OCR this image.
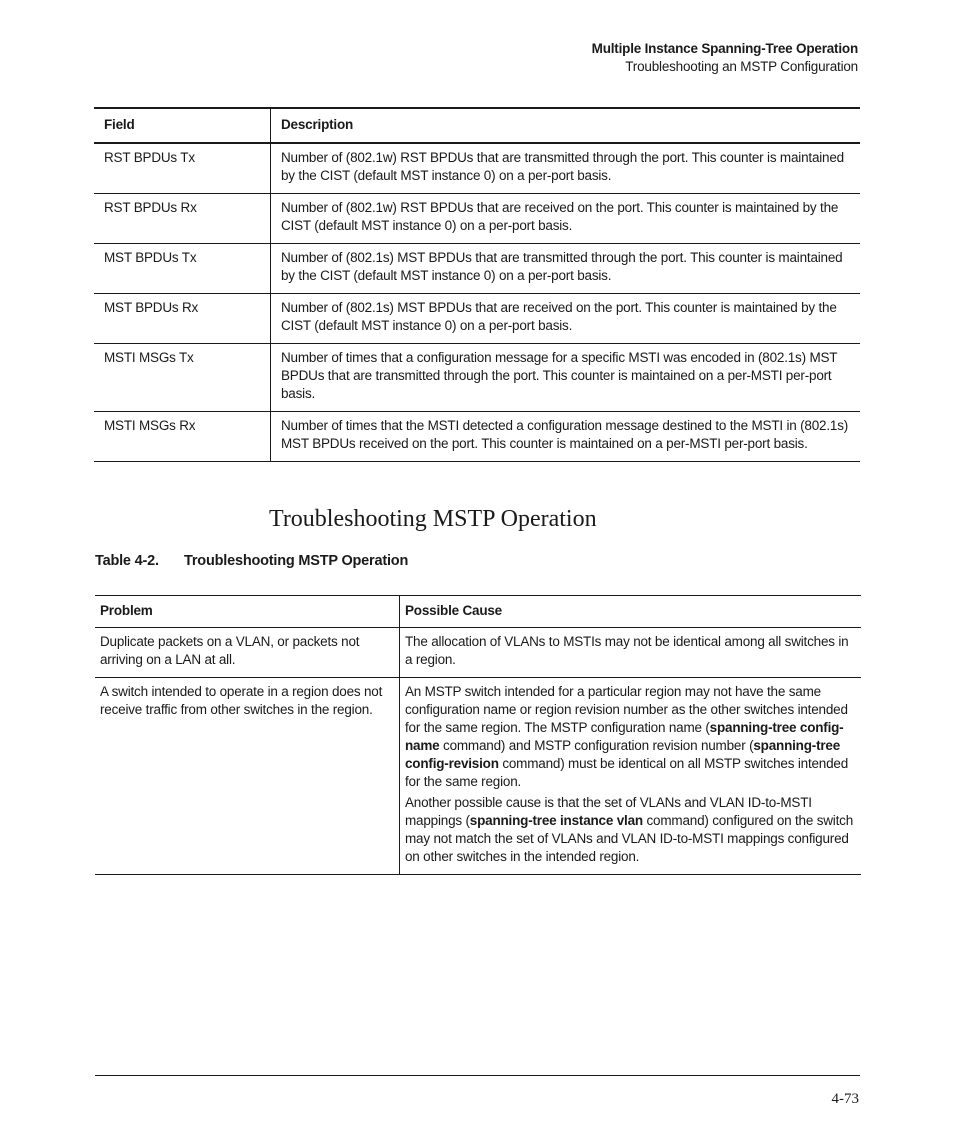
Multiple Instance Spanning-Tree Operation
Troubleshooting an MSTP Configuration
Field	Description
RST BPDUs Tx	Number of (802.1w) RST BPDUs that are transmitted through the port. This counter is maintained by the CIST (default MST instance 0) on a per-port basis.
RST BPDUs Rx	Number of (802.1w) RST BPDUs that are received on the port. This counter is maintained by the CIST (default MST instance 0) on a per-port basis.
MST BPDUs Tx	Number of (802.1s) MST BPDUs that are transmitted through the port. This counter is maintained by the CIST (default MST instance 0) on a per-port basis.
MST BPDUs Rx	Number of (802.1s) MST BPDUs that are received on the port. This counter is maintained by the CIST (default MST instance 0) on a per-port basis.
MSTI MSGs Tx	Number of times that a configuration message for a specific MSTI was encoded in (802.1s) MST BPDUs that are transmitted through the port. This counter is maintained on a per-MSTI per-port basis.
MSTI MSGs Rx	Number of times that the MSTI detected a configuration message destined to the MSTI in (802.1s) MST BPDUs received on the port. This counter is maintained on a per-MSTI per-port basis.
Troubleshooting MSTP Operation
Table 4-2. Troubleshooting MSTP Operation
Problem	Possible Cause
Duplicate packets on a VLAN, or packets not arriving on a LAN at all.	The allocation of VLANs to MSTIs may not be identical among all switches in a region.
A switch intended to operate in a region does not receive traffic from other switches in the region.	An MSTP switch intended for a particular region may not have the same configuration name or region revision number as the other switches intended for the same region. The MSTP configuration name (spanning-tree config-name command) and MSTP configuration revision number (spanning-tree config-revision command) must be identical on all MSTP switches intended for the same region.

Another possible cause is that the set of VLANs and VLAN ID-to-MSTI mappings (spanning-tree instance vlan command) configured on the switch may not match the set of VLANs and VLAN ID-to-MSTI mappings configured on other switches in the intended region.

4-73
